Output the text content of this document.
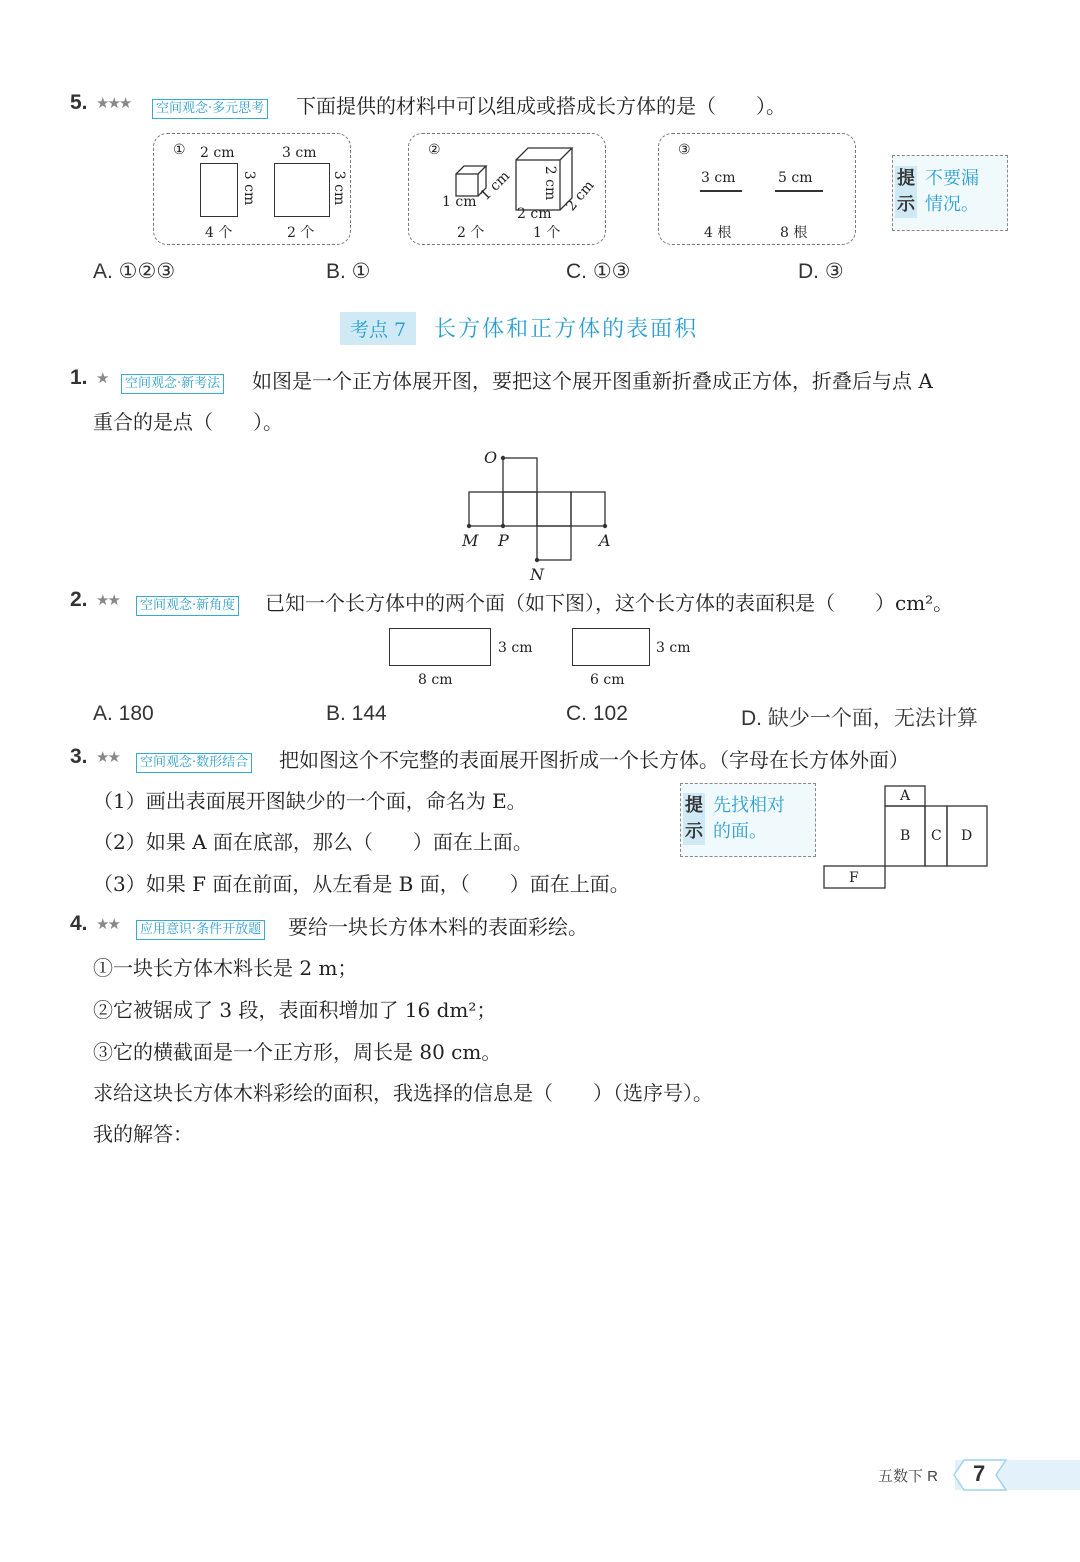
5. ★★★	空间观念·多元思考 下面提供的材料中可以组成或搭成长方体的是（　　）。
① 2 cm	3 cm
3 cm	3 cm
4 个	2 个
②
1 cm 1 cm 2 cm
2 cm 2 cm
2 个	1 个
③
3 cm	5 cm
4 根	8 根
提
示
不要漏
情况。
A. ①②③	B. ①	C. ①③	D. ③
考点 7 长方体和正方体的表面积
1. ★	空间观念·新考法 如图是一个正方体展开图，要把这个展开图重新折叠成正方体，折叠后与点 A
重合的是点（　　）。
O
M P	A
N
2. ★★	空间观念·新角度 已知一个长方体中的两个面（如下图），这个长方体的表面积是（　　）cm²。
3 cm
8 cm
3 cm
6 cm
A. 180	B. 144	C. 102	D. 缺少一个面，无法计算
3. ★★	空间观念·数形结合 把如图这个不完整的表面展开图折成一个长方体。（字母在长方体外面）
（1）画出表面展开图缺少的一个面，命名为 E。
（2）如果 A 面在底部，那么（　　）面在上面。
（3）如果 F 面在前面，从左看是 B 面，（　　）面在上面。
提
示
先找相对
的面。
A
B C D
F
4. ★★	应用意识·条件开放题 要给一块长方体木料的表面彩绘。
①一块长方体木料长是 2 m；
②它被锯成了 3 段，表面积增加了 16 dm²；
③它的横截面是一个正方形，周长是 80 cm。
求给这块长方体木料彩绘的面积，我选择的信息是（　　）（选序号）。
我的解答：
五数下 R 7
